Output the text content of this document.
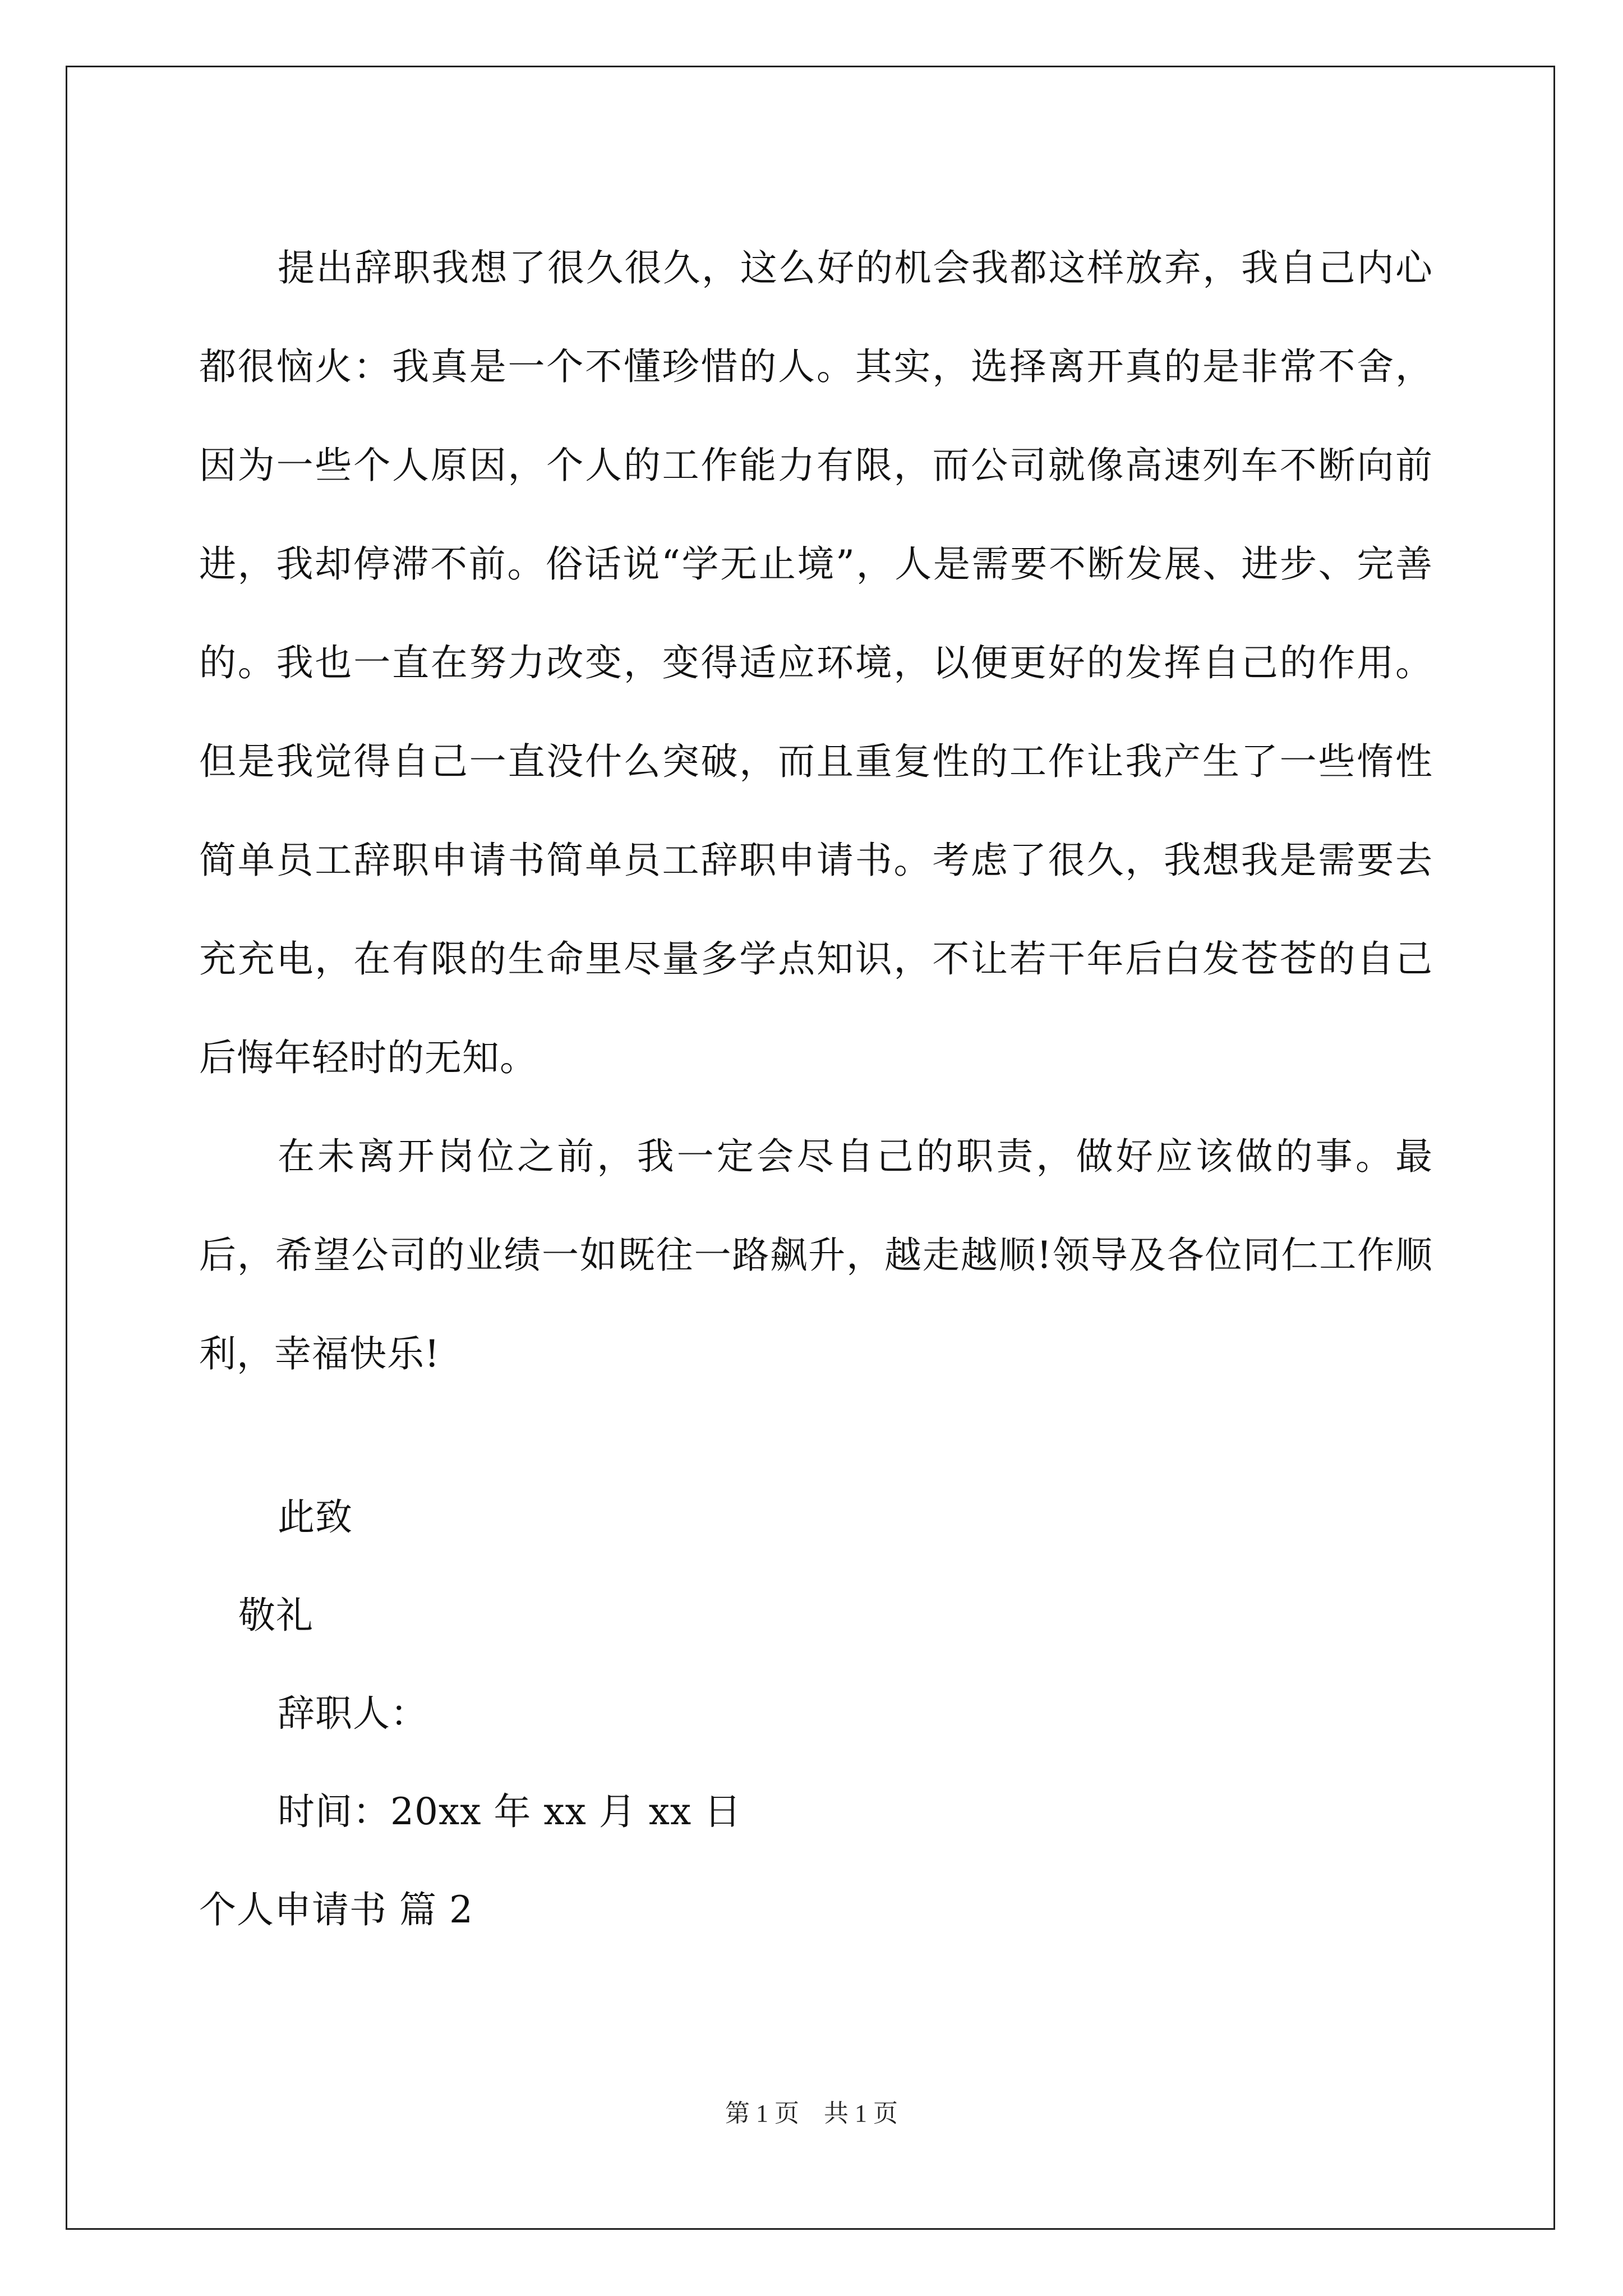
提出辞职我想了很久很久，这么好的机会我都这样放弃，我自己内心都很恼火：我真是一个不懂珍惜的人。其实，选择离开真的是非常不舍，因为一些个人原因，个人的工作能力有限，而公司就像高速列车不断向前进，我却停滞不前。俗话说“学无止境”，人是需要不断发展、进步、完善的。我也一直在努力改变，变得适应环境，以便更好的发挥自己的作用。但是我觉得自己一直没什么突破，而且重复性的工作让我产生了一些惰性简单员工辞职申请书简单员工辞职申请书。考虑了很久，我想我是需要去充充电，在有限的生命里尽量多学点知识，不让若干年后白发苍苍的自己后悔年轻时的无知。

在未离开岗位之前，我一定会尽自己的职责，做好应该做的事。最后，希望公司的业绩一如既往一路飙升，越走越顺!领导及各位同仁工作顺利，幸福快乐!

此致
敬礼
辞职人：
时间：20xx 年 xx 月 xx 日
个人申请书 篇 2
第 1 页　共 1 页
